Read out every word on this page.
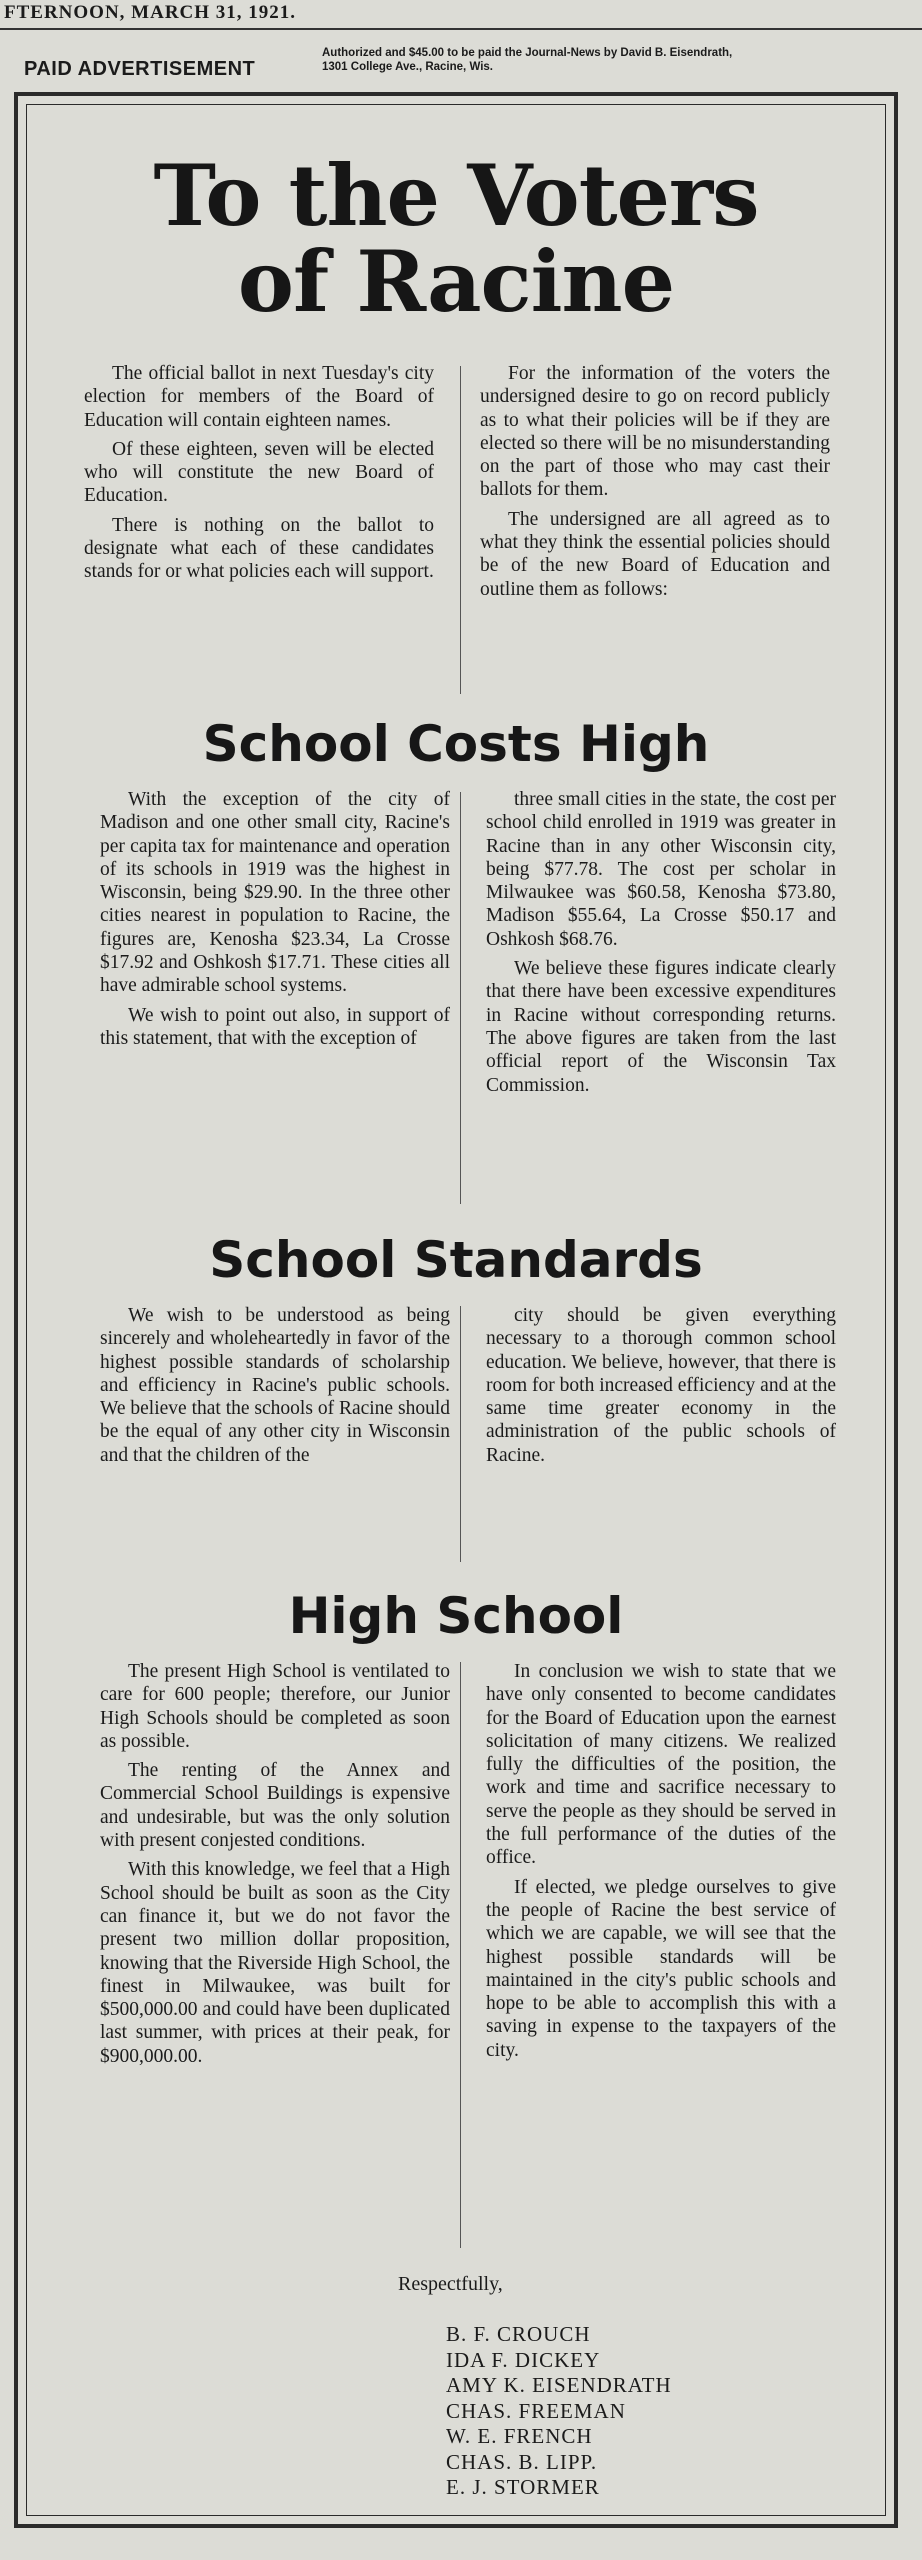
FTERNOON, MARCH 31, 1921.
PAID ADVERTISEMENT
Authorized and $45.00 to be paid the Journal-News by David B. Eisendrath,
1301 College Ave., Racine, Wis.
To the Voters
of Racine

The official ballot in next Tuesday's city election for members of the Board of Education will contain eighteen names.

Of these eighteen, seven will be elected who will constitute the new Board of Education.

There is nothing on the ballot to designate what each of these candidates stands for or what policies each will support.

For the information of the voters the undersigned desire to go on record publicly as to what their policies will be if they are elected so there will be no misunderstanding on the part of those who may cast their ballots for them.

The undersigned are all agreed as to what they think the essential policies should be of the new Board of Education and outline them as follows:

School Costs High

With the exception of the city of Madison and one other small city, Racine's per capita tax for maintenance and operation of its schools in 1919 was the highest in Wisconsin, being $29.90. In the three other cities nearest in population to Racine, the figures are, Kenosha $23.34, La Crosse $17.92 and Oshkosh $17.71. These cities all have admirable school systems.

We wish to point out also, in support of this statement, that with the exception of

three small cities in the state, the cost per school child enrolled in 1919 was greater in Racine than in any other Wisconsin city, being $77.78. The cost per scholar in Milwaukee was $60.58, Kenosha $73.80, Madison $55.64, La Crosse $50.17 and Oshkosh $68.76.

We believe these figures indicate clearly that there have been excessive expenditures in Racine without corresponding returns. The above figures are taken from the last official report of the Wisconsin Tax Commission.

School Standards

We wish to be understood as being sincerely and wholeheartedly in favor of the highest possible standards of scholarship and efficiency in Racine's public schools. We believe that the schools of Racine should be the equal of any other city in Wisconsin and that the children of the

city should be given everything necessary to a thorough common school education. We believe, however, that there is room for both increased efficiency and at the same time greater economy in the administration of the public schools of Racine.

High School

The present High School is ventilated to care for 600 people; therefore, our Junior High Schools should be completed as soon as possible.

The renting of the Annex and Commercial School Buildings is expensive and undesirable, but was the only solution with present conjested conditions.

With this knowledge, we feel that a High School should be built as soon as the City can finance it, but we do not favor the present two million dollar proposition, knowing that the Riverside High School, the finest in Milwaukee, was built for $500,000.00 and could have been duplicated last summer, with prices at their peak, for $900,000.00.

In conclusion we wish to state that we have only consented to become candidates for the Board of Education upon the earnest solicitation of many citizens. We realized fully the difficulties of the position, the work and time and sacrifice necessary to serve the people as they should be served in the full performance of the duties of the office.

If elected, we pledge ourselves to give the people of Racine the best service of which we are capable, we will see that the highest possible standards will be maintained in the city's public schools and hope to be able to accomplish this with a saving in expense to the taxpayers of the city.

Respectfully,
B. F. CROUCH
IDA F. DICKEY
AMY K. EISENDRATH
CHAS. FREEMAN
W. E. FRENCH
CHAS. B. LIPP.
E. J. STORMER
